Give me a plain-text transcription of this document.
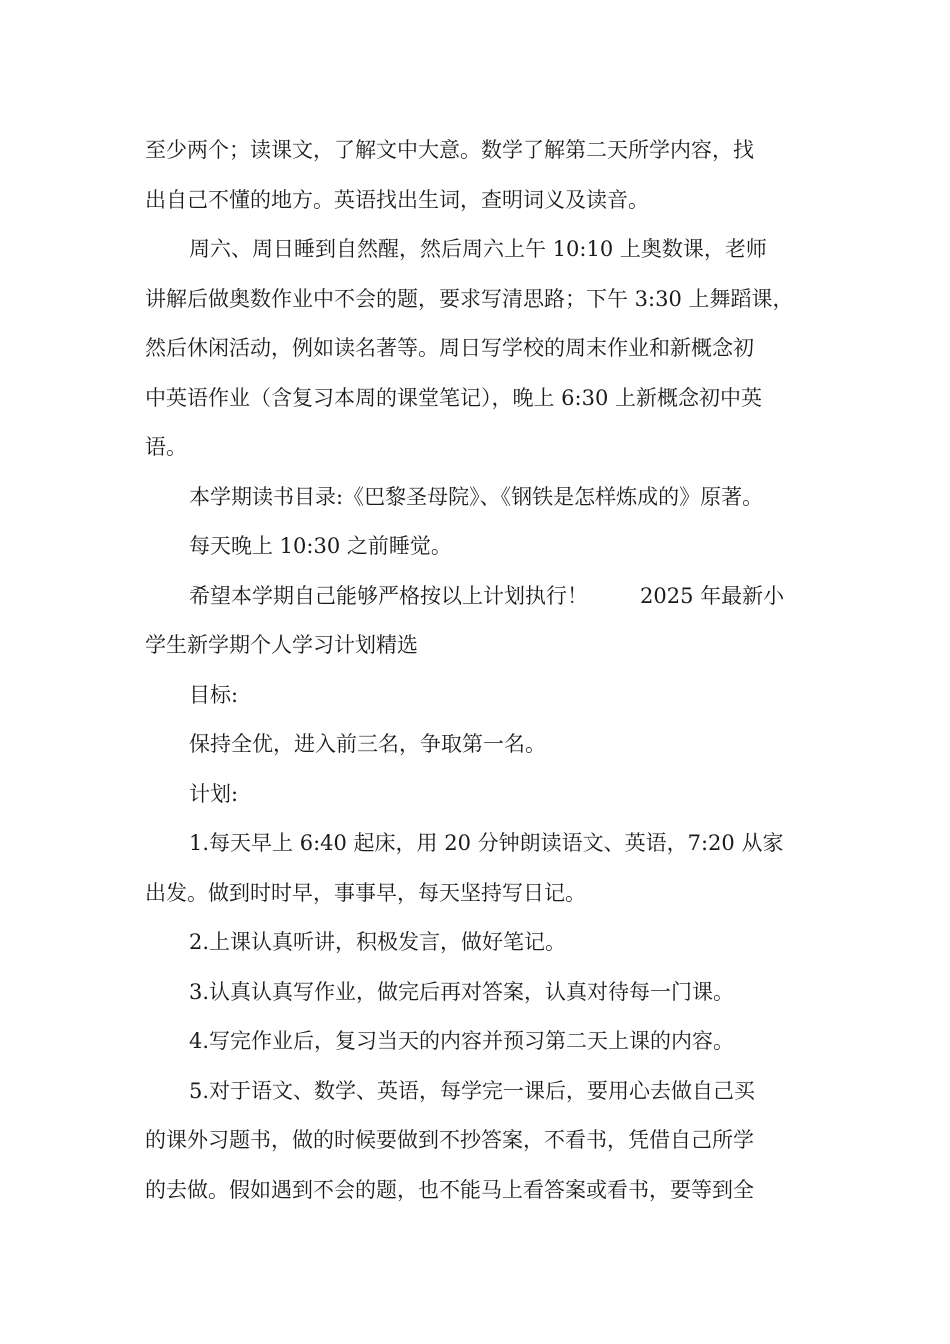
至少两个；读课文，了解文中大意。数学了解第二天所学内容，找

出自己不懂的地方。英语找出生词，查明词义及读音。

周六、周日睡到自然醒，然后周六上午 10:10 上奥数课，老师

讲解后做奥数作业中不会的题，要求写清思路；下午 3:30 上舞蹈课，

然后休闲活动，例如读名著等。周日写学校的周末作业和新概念初

中英语作业（含复习本周的课堂笔记），晚上 6:30 上新概念初中英

语。

本学期读书目录:《巴黎圣母院》、《钢铁是怎样炼成的》原著。

每天晚上 10:30 之前睡觉。

希望本学期自己能够严格按以上计划执行！ 2025 年最新小

学生新学期个人学习计划精选

目标:

保持全优，进入前三名，争取第一名。

计划:

1.每天早上 6:40 起床，用 20 分钟朗读语文、英语，7:20 从家

出发。做到时时早，事事早，每天坚持写日记。

2.上课认真听讲，积极发言，做好笔记。

3.认真认真写作业，做完后再对答案，认真对待每一门课。

4.写完作业后，复习当天的内容并预习第二天上课的内容。

5.对于语文、数学、英语，每学完一课后，要用心去做自己买

的课外习题书，做的时候要做到不抄答案，不看书，凭借自己所学

的去做。假如遇到不会的题，也不能马上看答案或看书，要等到全
